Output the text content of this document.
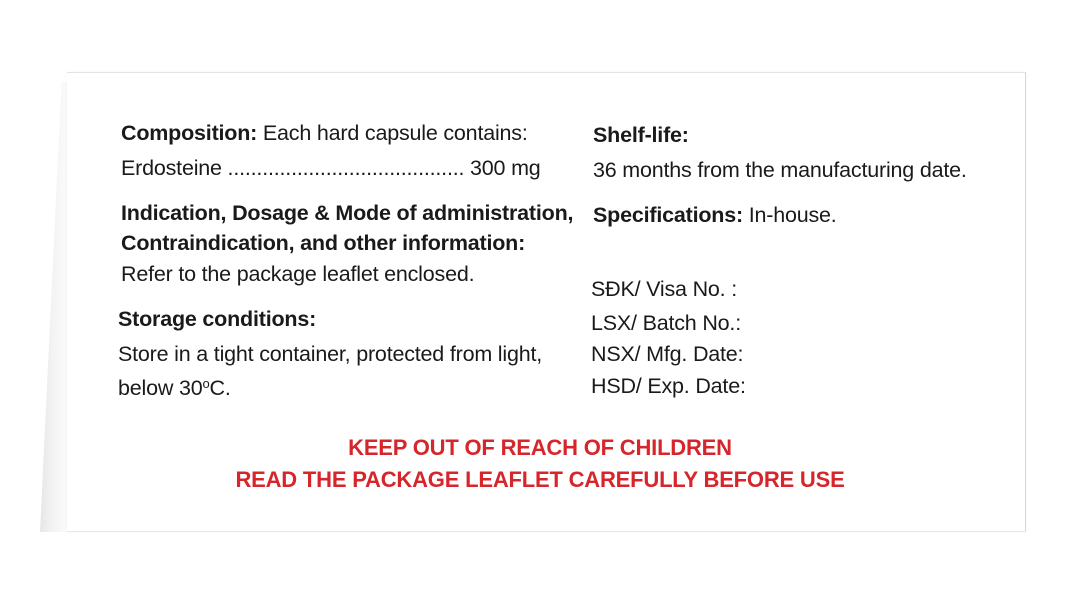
Composition: Each hard capsule contains:
Erdosteine ......................................... 300 mg
Indication, Dosage & Mode of administration,
Contraindication, and other information:
Refer to the package leaflet enclosed.
Storage conditions:
Store in a tight container, protected from light,
below 30$^o$C.
Shelf-life:
36 months from the manufacturing date.
Specifications: In-house.
SĐK/ Visa No. :
LSX/ Batch No.:
NSX/ Mfg. Date:
HSD/ Exp. Date:
KEEP OUT OF REACH OF CHILDREN
READ THE PACKAGE LEAFLET CAREFULLY BEFORE USE
